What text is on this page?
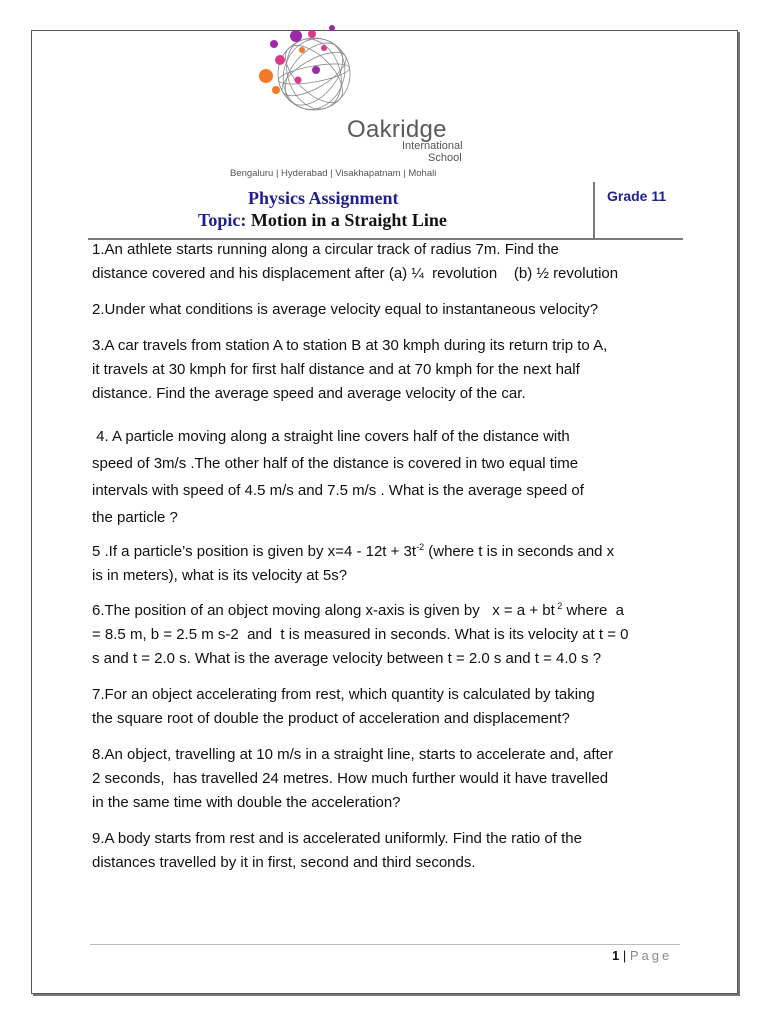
Oakridge
International
School
Bengaluru | Hyderabad | Visakhapatnam | Mohali
Physics Assignment
Topic: Motion in a Straight Line
Grade 11
1.An athlete starts running along a circular track of radius 7m. Find the
distance covered and his displacement after (a) ¼  revolution    (b) ½ revolution
2.Under what conditions is average velocity equal to instantaneous velocity?
3.A car travels from station A to station B at 30 kmph during its return trip to A,
it travels at 30 kmph for first half distance and at 70 kmph for the next half
distance. Find the average speed and average velocity of the car.
4. A particle moving along a straight line covers half of the distance with
speed of 3m/s .The other half of the distance is covered in two equal time
intervals with speed of 4.5 m/s and 7.5 m/s . What is the average speed of
the particle ?
5 .If a particle’s position is given by $x=4 - 12t + 3t^{-2}$ (where t is in seconds and x
is in meters), what is its velocity at 5s?
6.The position of an object moving along x-axis is given by   x = a + bt $^2$ where  a
= 8.5 m, b = 2.5 m s-2  and  t is measured in seconds. What is its velocity at t = 0
s and t = 2.0 s. What is the average velocity between t = 2.0 s and t = 4.0 s ?
7.For an object accelerating from rest, which quantity is calculated by taking
the square root of double the product of acceleration and displacement?
8.An object, travelling at 10 m/s in a straight line, starts to accelerate and, after
2 seconds,  has travelled 24 metres. How much further would it have travelled
in the same time with double the acceleration?
9.A body starts from rest and is accelerated uniformly. Find the ratio of the
distances travelled by it in first, second and third seconds.
1 | Page
